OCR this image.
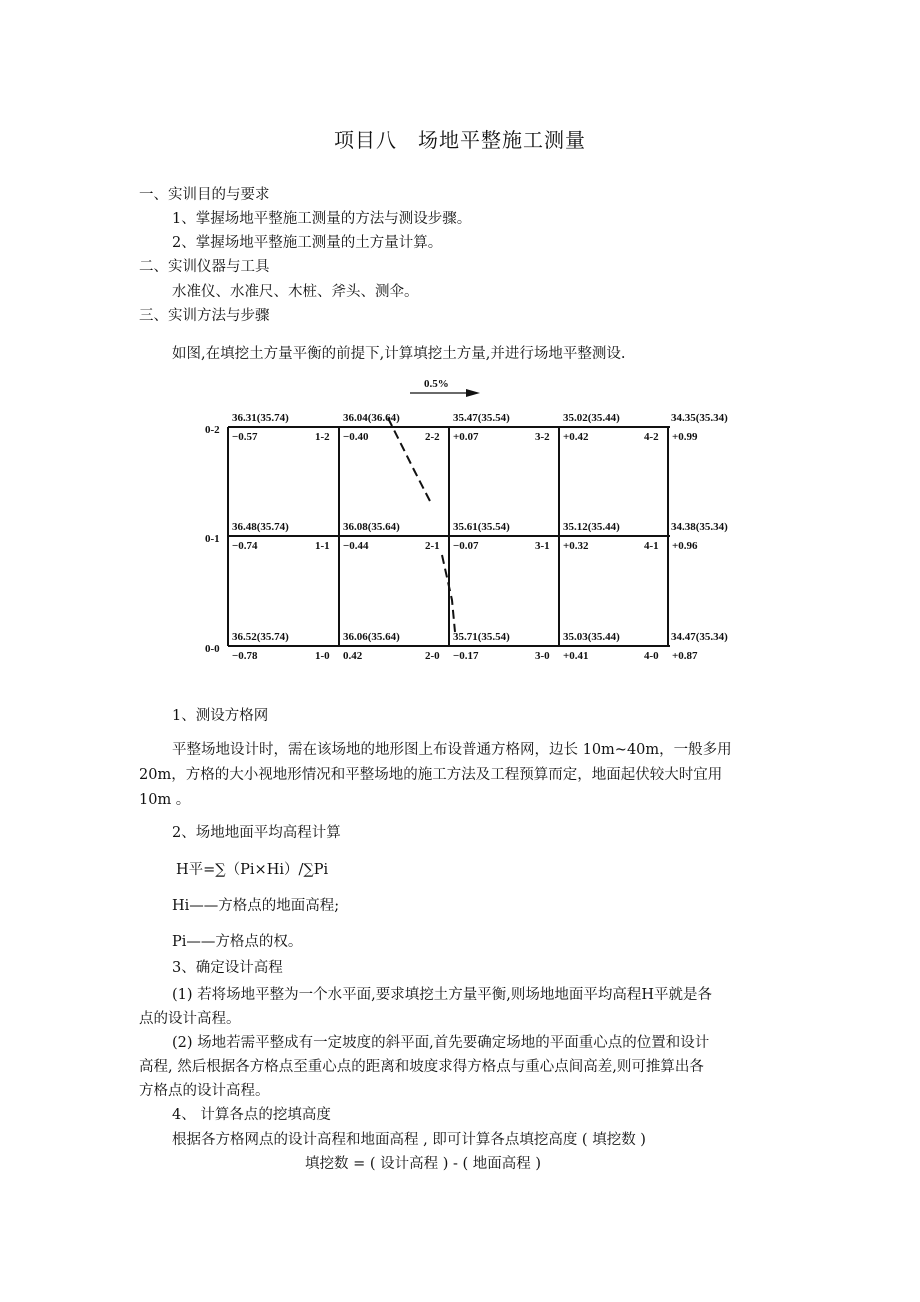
项目八　场地平整施工测量
一、实训目的与要求
1、掌握场地平整施工测量的方法与测设步骤。
2、掌握场地平整施工测量的土方量计算。
二、实训仪器与工具
水准仪、水准尺、木桩、斧头、测伞。
三、实训方法与步骤
如图,在填挖土方量平衡的前提下,计算填挖土方量,并进行场地平整测设.
0.5%
0-2
36.31(35.74)	36.04(36.64)	35.47(35.54)	35.02(35.44)	34.35(35.34)
−0.57	−0.40	+0.07	+0.42	+0.99
1-2	2-2	3-2	4-2
0-1
36.48(35.74)	36.08(35.64)	35.61(35.54)	35.12(35.44)	34.38(35.34)
−0.74	−0.44	−0.07	+0.32	+0.96
1-1	2-1	3-1	4-1
0-0
36.52(35.74)	36.06(35.64)	35.71(35.54)	35.03(35.44)	34.47(35.34)
−0.78	0.42	−0.17	+0.41	+0.87
1-0	2-0	3-0	4-0
1、测设方格网
平整场地设计时，需在该场地的地形图上布设普通方格网，边长 10m~40m，一般多用
20m，方格的大小视地形情况和平整场地的施工方法及工程预算而定，地面起伏较大时宜用
10m 。
2、场地地面平均高程计算
H平=∑（Pi×Hi）/∑Pi
Hi——方格点的地面高程;
Pi——方格点的权。
3、确定设计高程
(1) 若将场地平整为一个水平面,要求填挖土方量平衡,则场地地面平均高程H平就是各
点的设计高程。
(2) 场地若需平整成有一定坡度的斜平面,首先要确定场地的平面重心点的位置和设计
高程, 然后根据各方格点至重心点的距离和坡度求得方格点与重心点间高差,则可推算出各
方格点的设计高程。
4、 计算各点的挖填高度
根据各方格网点的设计高程和地面高程 , 即可计算各点填挖高度 ( 填挖数 )
填挖数 = ( 设计高程 ) - ( 地面高程 )
